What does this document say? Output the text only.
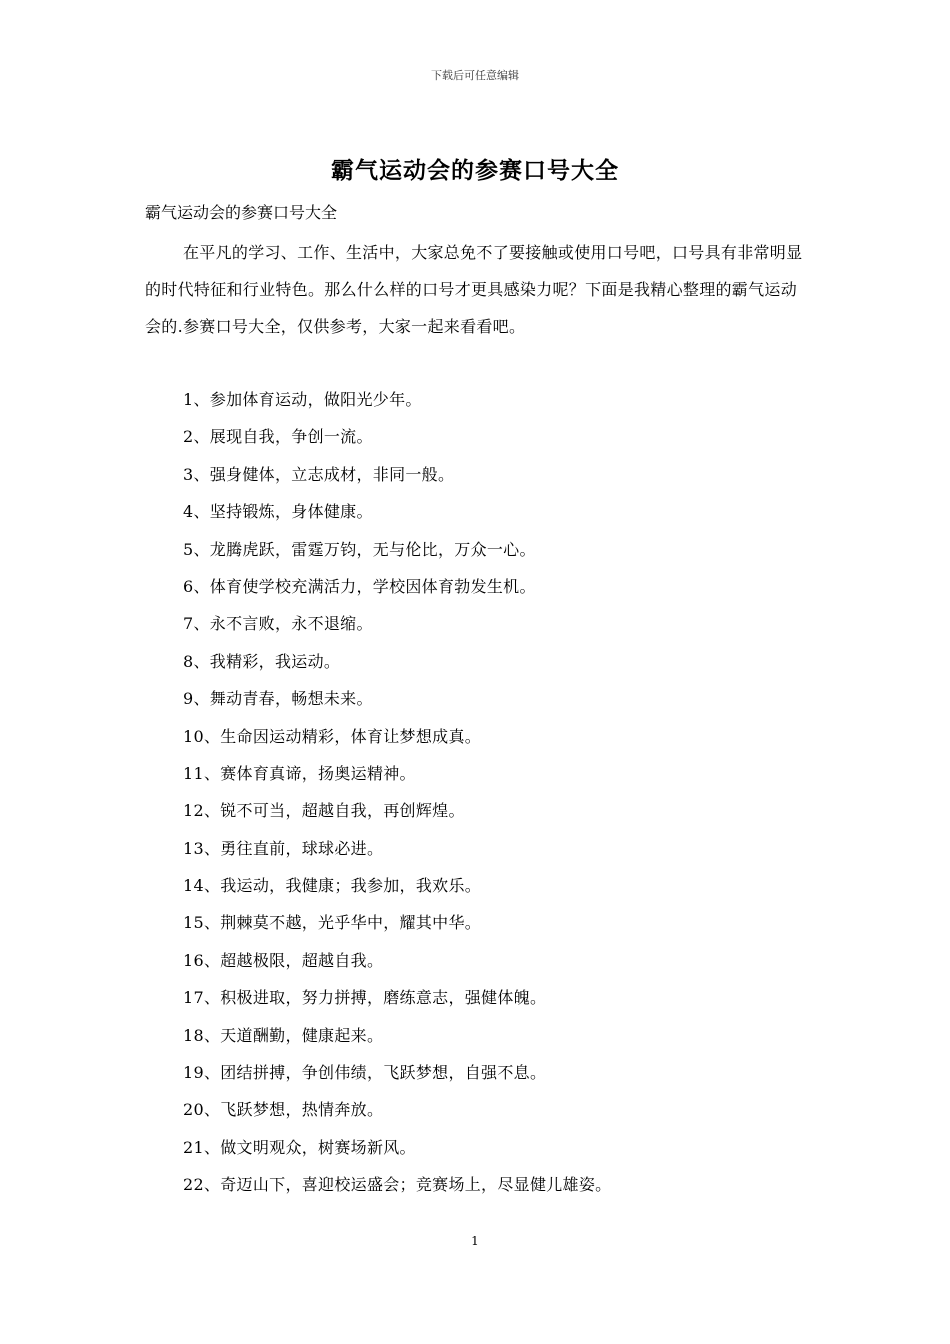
下载后可任意编辑
霸气运动会的参赛口号大全
霸气运动会的参赛口号大全

在平凡的学习、工作、生活中，大家总免不了要接触或使用口号吧，口号具有非常明显的时代特征和行业特色。那么什么样的口号才更具感染力呢？下面是我精心整理的霸气运动会的.参赛口号大全，仅供参考，大家一起来看看吧。

1、参加体育运动，做阳光少年。
2、展现自我，争创一流。
3、强身健体，立志成材，非同一般。
4、坚持锻炼，身体健康。
5、龙腾虎跃，雷霆万钧，无与伦比，万众一心。
6、体育使学校充满活力，学校因体育勃发生机。
7、永不言败，永不退缩。
8、我精彩，我运动。
9、舞动青春，畅想未来。
10、生命因运动精彩，体育让梦想成真。
11、赛体育真谛，扬奥运精神。
12、锐不可当，超越自我，再创辉煌。
13、勇往直前，球球必进。
14、我运动，我健康；我参加，我欢乐。
15、荆棘莫不越，光乎华中，耀其中华。
16、超越极限，超越自我。
17、积极进取，努力拼搏，磨练意志，强健体魄。
18、天道酬勤，健康起来。
19、团结拼搏，争创伟绩，飞跃梦想，自强不息。
20、飞跃梦想，热情奔放。
21、做文明观众，树赛场新风。
22、奇迈山下，喜迎校运盛会；竞赛场上，尽显健儿雄姿。
1
